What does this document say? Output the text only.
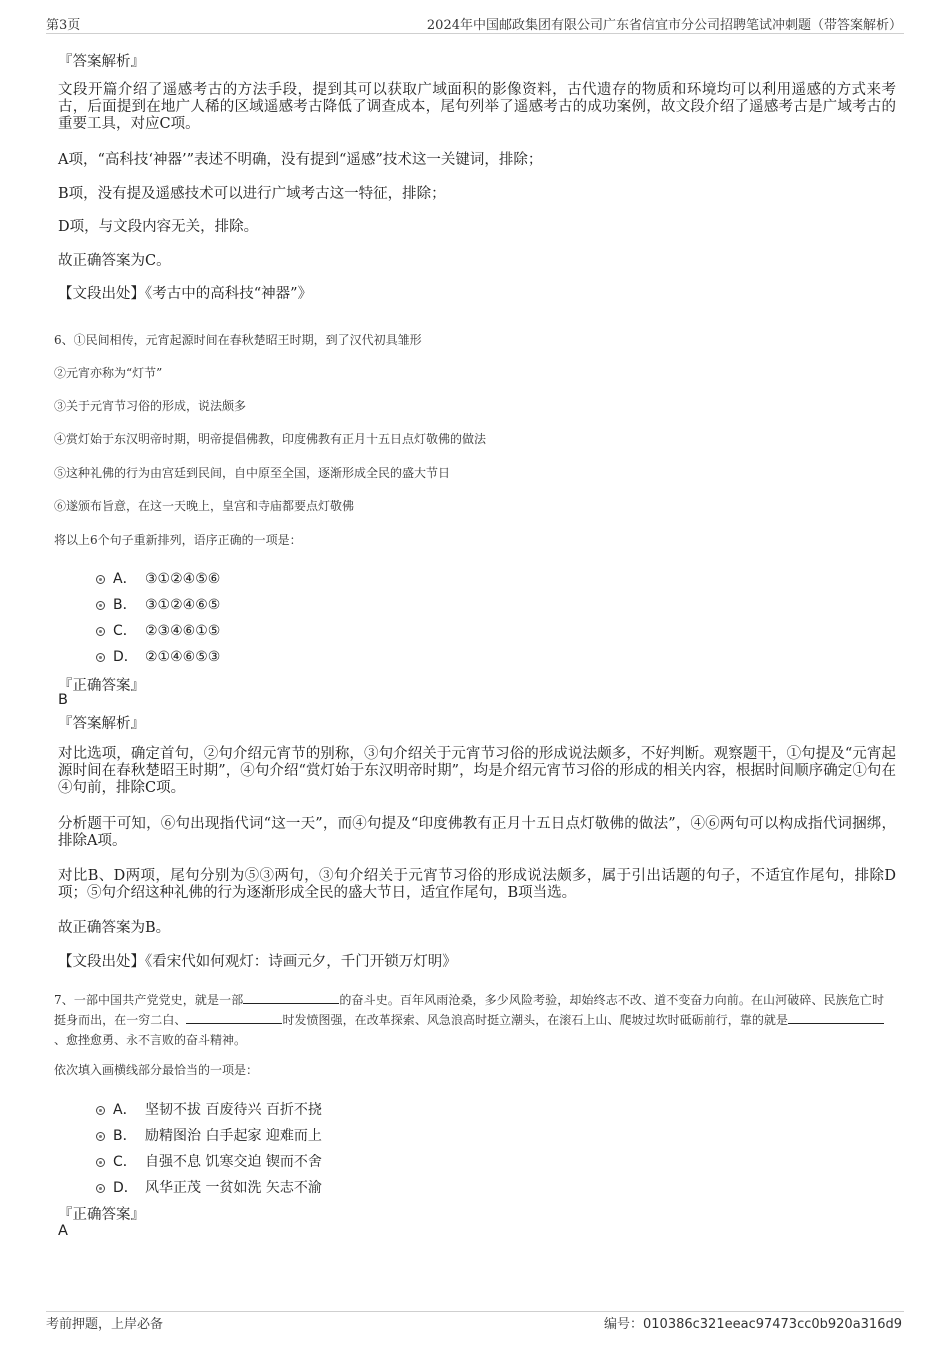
第3页	2024年中国邮政集团有限公司广东省信宜市分公司招聘笔试冲刺题（带答案解析）
『答案解析』
文段开篇介绍了遥感考古的方法手段，提到其可以获取广域面积的影像资料，古代遗存的物质和环境均可以利用遥感的方式来考古，后面提到在地广人稀的区域遥感考古降低了调查成本，尾句列举了遥感考古的成功案例，故文段介绍了遥感考古是广域考古的重要工具，对应C项。
A项，“高科技‘神器’”表述不明确，没有提到“遥感”技术这一关键词，排除；
B项，没有提及遥感技术可以进行广域考古这一特征，排除；
D项，与文段内容无关，排除。
故正确答案为C。
【文段出处】《考古中的高科技“神器”》
6、①民间相传，元宵起源时间在春秋楚昭王时期，到了汉代初具雏形
②元宵亦称为“灯节”
③关于元宵节习俗的形成，说法颇多
④赏灯始于东汉明帝时期，明帝提倡佛教，印度佛教有正月十五日点灯敬佛的做法
⑤这种礼佛的行为由宫廷到民间，自中原至全国，逐渐形成全民的盛大节日
⑥遂颁布旨意，在这一天晚上，皇宫和寺庙都要点灯敬佛
将以上6个句子重新排列，语序正确的一项是：
A． ③①②④⑤⑥
B． ③①②④⑥⑤
C． ②③④⑥①⑤
D． ②①④⑥⑤③
『正确答案』
B
『答案解析』
对比选项，确定首句，②句介绍元宵节的别称，③句介绍关于元宵节习俗的形成说法颇多，不好判断。观察题干，①句提及“元宵起源时间在春秋楚昭王时期”，④句介绍“赏灯始于东汉明帝时期”，均是介绍元宵节习俗的形成的相关内容，根据时间顺序确定①句在④句前，排除C项。
分析题干可知，⑥句出现指代词“这一天”，而④句提及“印度佛教有正月十五日点灯敬佛的做法”，④⑥两句可以构成指代词捆绑，排除A项。
对比B、D两项，尾句分别为⑤③两句，③句介绍关于元宵节习俗的形成说法颇多，属于引出话题的句子，不适宜作尾句，排除D项；⑤句介绍这种礼佛的行为逐渐形成全民的盛大节日，适宜作尾句，B项当选。
故正确答案为B。
【文段出处】《看宋代如何观灯：诗画元夕，千门开锁万灯明》
7、一部中国共产党党史，就是一部	的奋斗史。百年风雨沧桑，多少风险考验，却始终志不改、道不变奋力向前。在山河破碎、民族危亡时挺身而出，在一穷二白、	时发愤图强，在改革探索、风急浪高时挺立潮头，在滚石上山、爬坡过坎时砥砺前行，靠的就是、愈挫愈勇、永不言败的奋斗精神。
依次填入画横线部分最恰当的一项是：
A． 坚韧不拔 百废待兴 百折不挠
B． 励精图治 白手起家 迎难而上
C． 自强不息 饥寒交迫 锲而不舍
D． 风华正茂 一贫如洗 矢志不渝
『正确答案』
A
考前押题，上岸必备	编号：010386c321eeac97473cc0b920a316d9
